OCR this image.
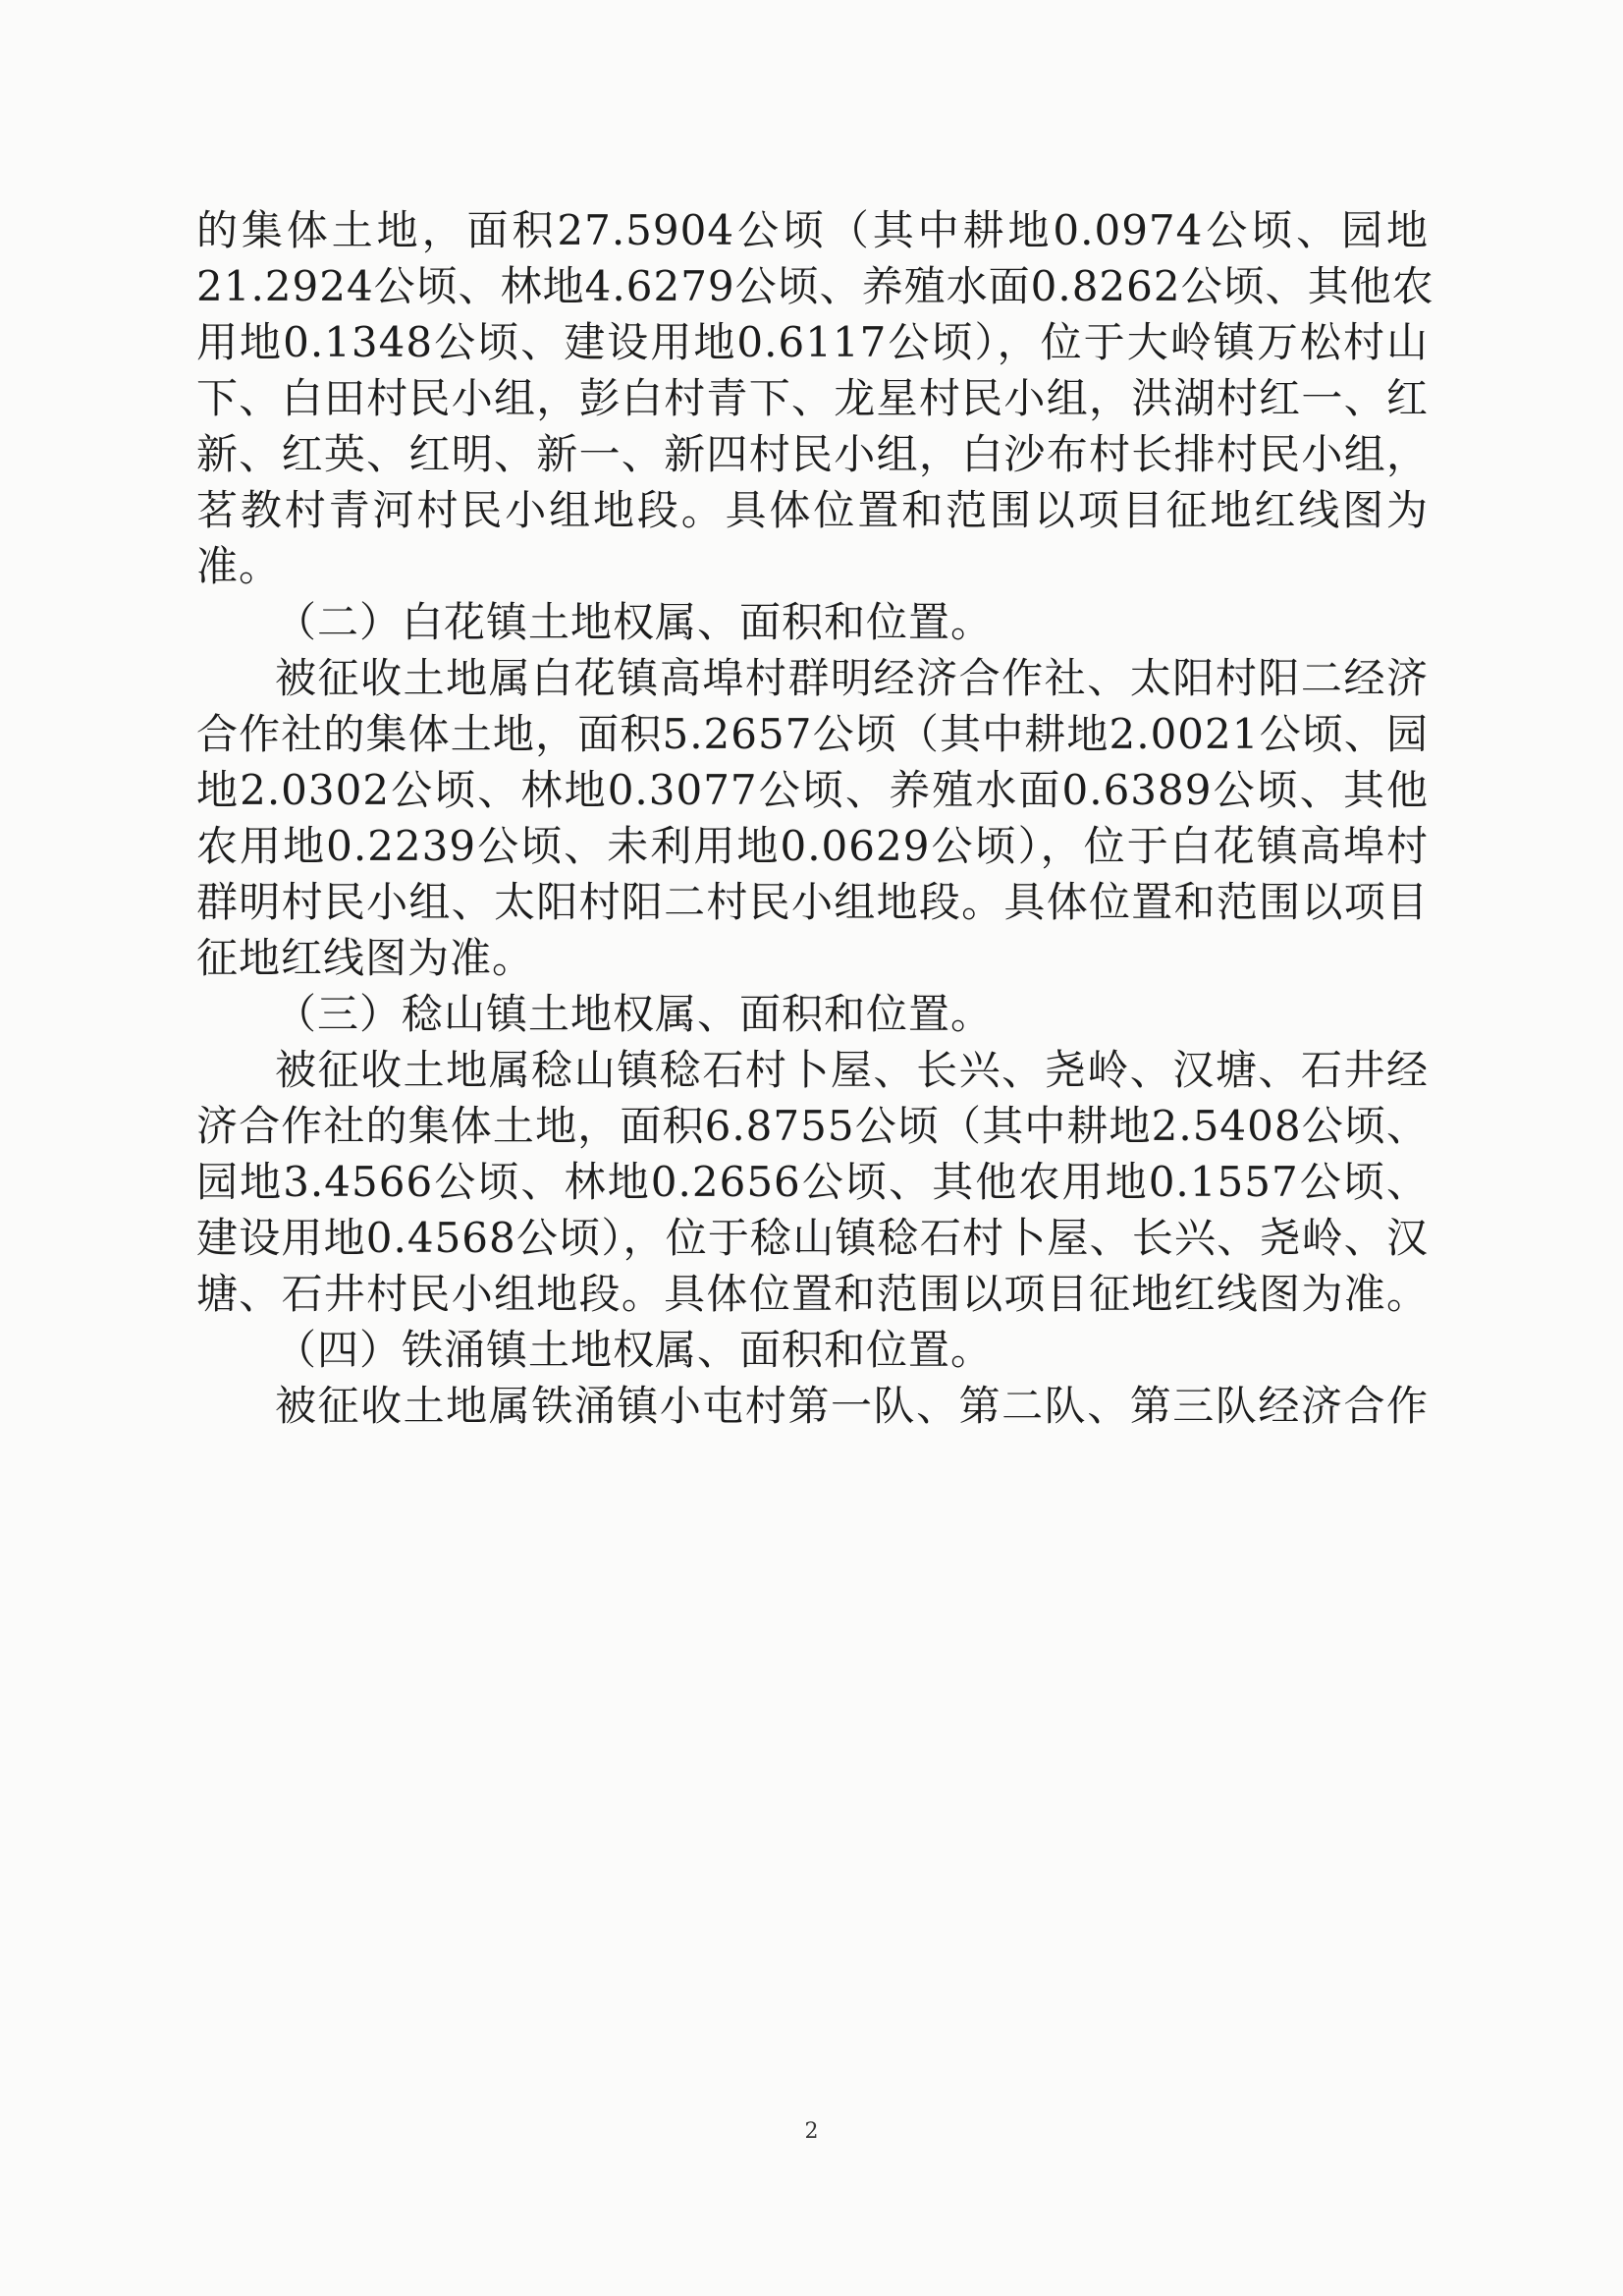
的集体土地，面积27.5904公顷（其中耕地0.0974公顷、园地

21.2924公顷、林地4.6279公顷、养殖水面0.8262公顷、其他农

用地0.1348公顷、建设用地0.6117公顷），位于大岭镇万松村山

下、白田村民小组，彭白村青下、龙星村民小组，洪湖村红一、红

新、红英、红明、新一、新四村民小组，白沙布村长排村民小组，

茗教村青河村民小组地段。具体位置和范围以项目征地红线图为

准。

（二）白花镇土地权属、面积和位置。

被征收土地属白花镇高埠村群明经济合作社、太阳村阳二经济

合作社的集体土地，面积5.2657公顷（其中耕地2.0021公顷、园

地2.0302公顷、林地0.3077公顷、养殖水面0.6389公顷、其他

农用地0.2239公顷、未利用地0.0629公顷），位于白花镇高埠村

群明村民小组、太阳村阳二村民小组地段。具体位置和范围以项目

征地红线图为准。

（三）稔山镇土地权属、面积和位置。

被征收土地属稔山镇稔石村卜屋、长兴、尧岭、汉塘、石井经

济合作社的集体土地，面积6.8755公顷（其中耕地2.5408公顷、

园地3.4566公顷、林地0.2656公顷、其他农用地0.1557公顷、

建设用地0.4568公顷），位于稔山镇稔石村卜屋、长兴、尧岭、汉

塘、石井村民小组地段。具体位置和范围以项目征地红线图为准。

（四）铁涌镇土地权属、面积和位置。

被征收土地属铁涌镇小屯村第一队、第二队、第三队经济合作

2
